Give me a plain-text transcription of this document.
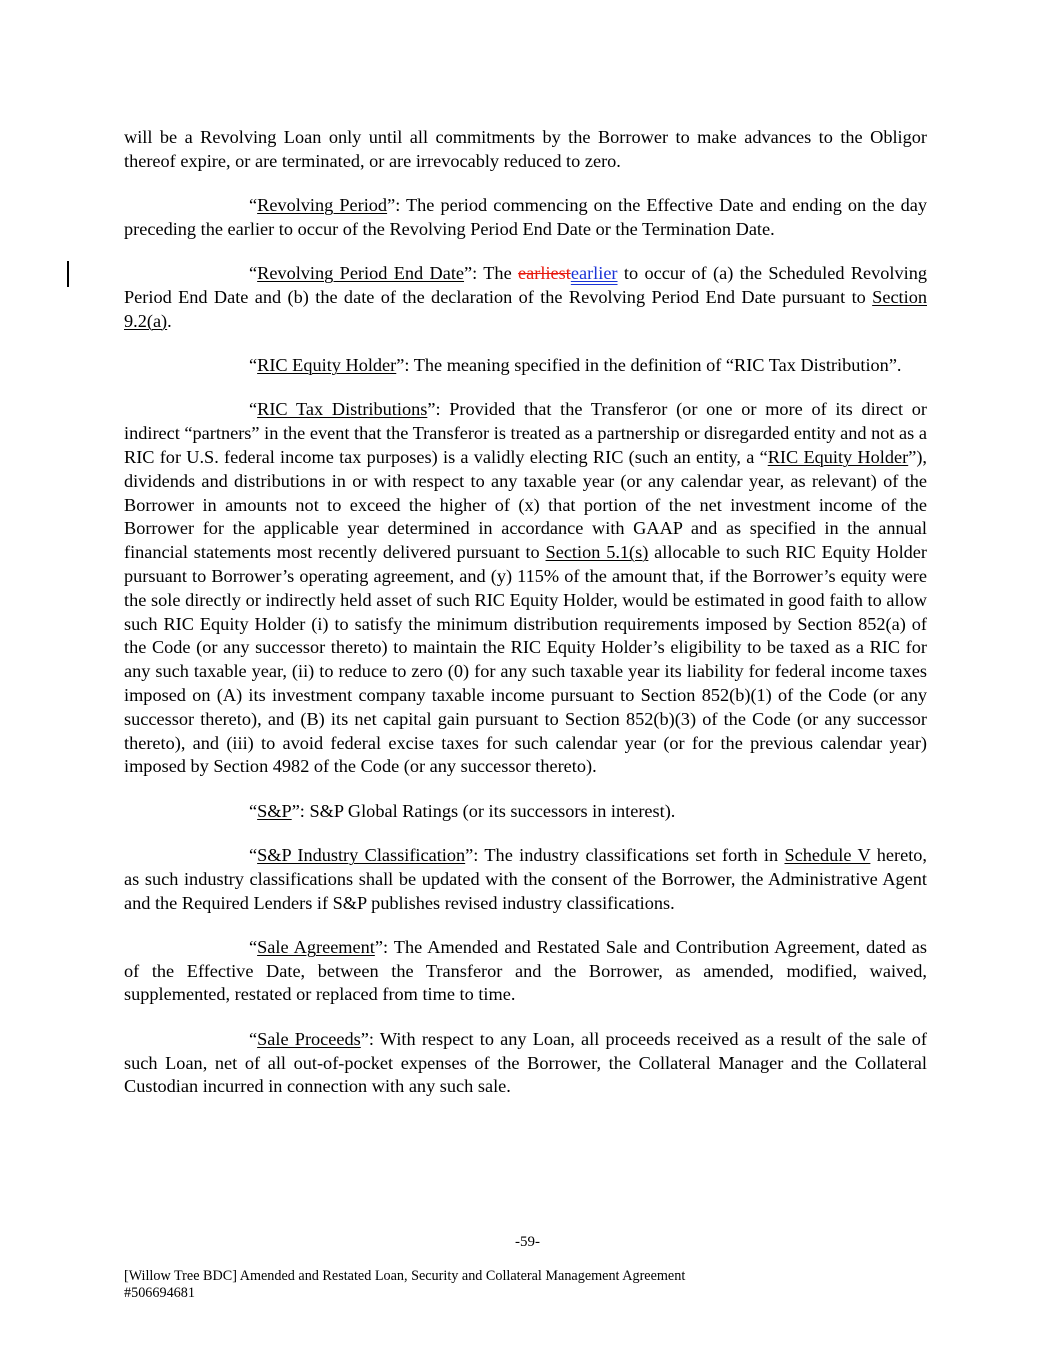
will be a Revolving Loan only until all commitments by the Borrower to make advances to the Obligor thereof expire, or are terminated, or are irrevocably reduced to zero.

“Revolving Period”: The period commencing on the Effective Date and ending on the day preceding the earlier to occur of the Revolving Period End Date or the Termination Date.

“Revolving Period End Date”: The earliestearlier to occur of (a) the Scheduled Revolving Period End Date and (b) the date of the declaration of the Revolving Period End Date pursuant to Section 9.2(a).

“RIC Equity Holder”: The meaning specified in the definition of “RIC Tax Distribution”.

“RIC Tax Distributions”: Provided that the Transferor (or one or more of its direct or indirect “partners” in the event that the Transferor is treated as a partnership or disregarded entity and not as a RIC for U.S. federal income tax purposes) is a validly electing RIC (such an entity, a “RIC Equity Holder”), dividends and distributions in or with respect to any taxable year (or any calendar year, as relevant) of the Borrower in amounts not to exceed the higher of (x) that portion of the net investment income of the Borrower for the applicable year determined in accordance with GAAP and as specified in the annual financial statements most recently delivered pursuant to Section 5.1(s) allocable to such RIC Equity Holder pursuant to Borrower’s operating agreement, and (y) 115% of the amount that, if the Borrower’s equity were the sole directly or indirectly held asset of such RIC Equity Holder, would be estimated in good faith to allow such RIC Equity Holder (i) to satisfy the minimum distribution requirements imposed by Section 852(a) of the Code (or any successor thereto) to maintain the RIC Equity Holder’s eligibility to be taxed as a RIC for any such taxable year, (ii) to reduce to zero (0) for any such taxable year its liability for federal income taxes imposed on (A) its investment company taxable income pursuant to Section 852(b)(1) of the Code (or any successor thereto), and (B) its net capital gain pursuant to Section 852(b)(3) of the Code (or any successor thereto), and (iii) to avoid federal excise taxes for such calendar year (or for the previous calendar year) imposed by Section 4982 of the Code (or any successor thereto).

“S&P”: S&P Global Ratings (or its successors in interest).

“S&P Industry Classification”: The industry classifications set forth in Schedule V hereto, as such industry classifications shall be updated with the consent of the Borrower, the Administrative Agent and the Required Lenders if S&P publishes revised industry classifications.

“Sale Agreement”: The Amended and Restated Sale and Contribution Agreement, dated as of the Effective Date, between the Transferor and the Borrower, as amended, modified, waived, supplemented, restated or replaced from time to time.

“Sale Proceeds”: With respect to any Loan, all proceeds received as a result of the sale of such Loan, net of all out-of-pocket expenses of the Borrower, the Collateral Manager and the Collateral Custodian incurred in connection with any such sale.

-59-
[Willow Tree BDC] Amended and Restated Loan, Security and Collateral Management Agreement
#506694681
